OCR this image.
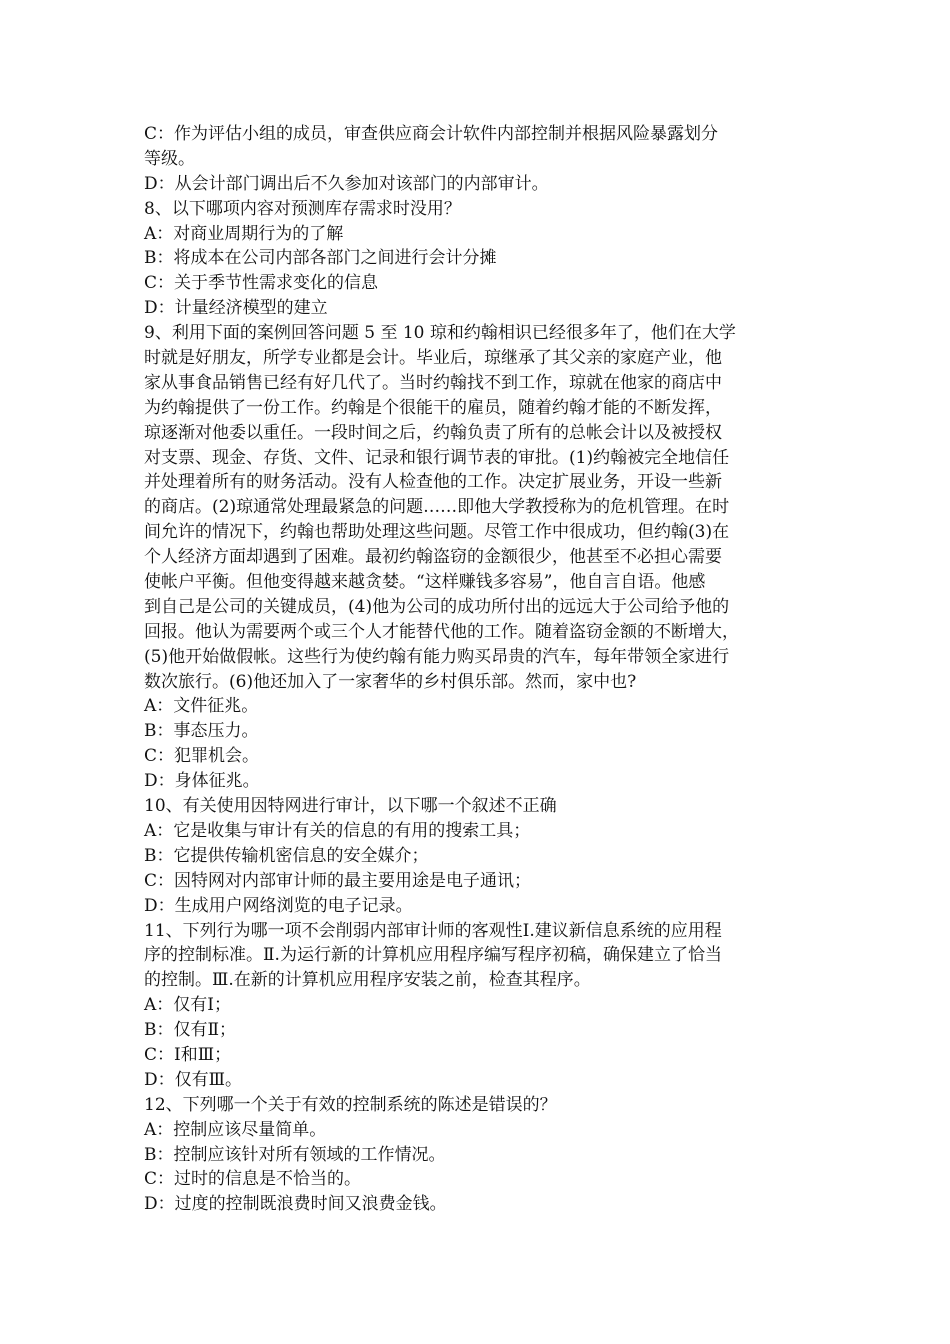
C：作为评估小组的成员，审查供应商会计软件内部控制并根据风险暴露划分
等级。
D：从会计部门调出后不久参加对该部门的内部审计。
8、以下哪项内容对预测库存需求时没用？
A：对商业周期行为的了解
B：将成本在公司内部各部门之间进行会计分摊
C：关于季节性需求变化的信息
D：计量经济模型的建立
9、利用下面的案例回答问题 5 至 10 琼和约翰相识已经很多年了，他们在大学
时就是好朋友，所学专业都是会计。毕业后，琼继承了其父亲的家庭产业，他
家从事食品销售已经有好几代了。当时约翰找不到工作，琼就在他家的商店中
为约翰提供了一份工作。约翰是个很能干的雇员，随着约翰才能的不断发挥，
琼逐渐对他委以重任。一段时间之后，约翰负责了所有的总帐会计以及被授权
对支票、现金、存货、文件、记录和银行调节表的审批。(1)约翰被完全地信任
并处理着所有的财务活动。没有人检查他的工作。决定扩展业务，开设一些新
的商店。(2)琼通常处理最紧急的问题……即他大学教授称为的危机管理。在时
间允许的情况下，约翰也帮助处理这些问题。尽管工作中很成功，但约翰(3)在
个人经济方面却遇到了困难。最初约翰盗窃的金额很少，他甚至不必担心需要
使帐户平衡。但他变得越来越贪婪。“这样赚钱多容易”，他自言自语。他感
到自己是公司的关键成员，(4)他为公司的成功所付出的远远大于公司给予他的
回报。他认为需要两个或三个人才能替代他的工作。随着盗窃金额的不断增大，
(5)他开始做假帐。这些行为使约翰有能力购买昂贵的汽车，每年带领全家进行
数次旅行。(6)他还加入了一家奢华的乡村俱乐部。然而，家中也?
A：文件征兆。
B：事态压力。
C：犯罪机会。
D：身体征兆。
10、有关使用因特网进行审计，以下哪一个叙述不正确
A：它是收集与审计有关的信息的有用的搜索工具；
B：它提供传输机密信息的安全媒介；
C：因特网对内部审计师的最主要用途是电子通讯；
D：生成用户网络浏览的电子记录。
11、下列行为哪一项不会削弱内部审计师的客观性Ⅰ.建议新信息系统的应用程
序的控制标准。Ⅱ.为运行新的计算机应用程序编写程序初稿，确保建立了恰当
的控制。Ⅲ.在新的计算机应用程序安装之前，检查其程序。
A：仅有Ⅰ；
B：仅有Ⅱ；
C：Ⅰ和Ⅲ；
D：仅有Ⅲ。
12、下列哪一个关于有效的控制系统的陈述是错误的？
A：控制应该尽量简单。
B：控制应该针对所有领域的工作情况。
C：过时的信息是不恰当的。
D：过度的控制既浪费时间又浪费金钱。
